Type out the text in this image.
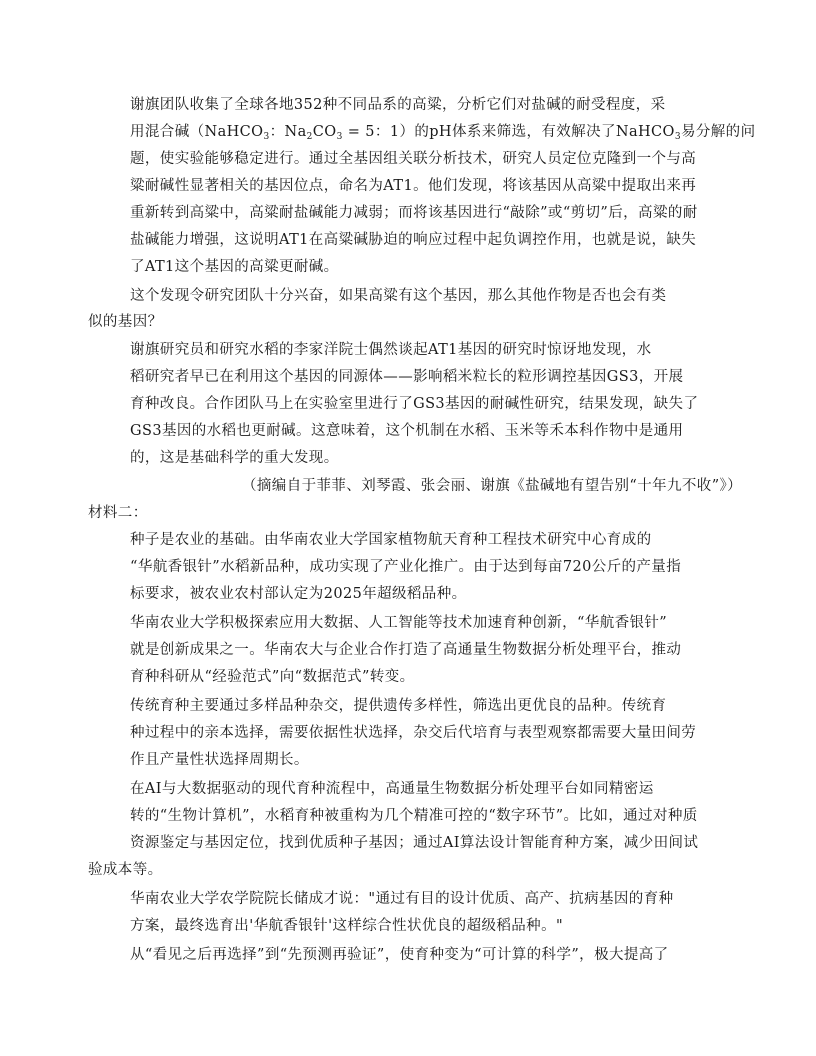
谢旗团队收集了全球各地352种不同品系的高粱，分析它们对盐碱的耐受程度，采
用混合碱（NaHCO$_3$：$Na_2CO_3 = 5$：1）的pH体系来筛选，有效解决了NaHCO$_3$易分解的问
题，使实验能够稳定进行。通过全基因组关联分析技术，研究人员定位克隆到一个与高
粱耐碱性显著相关的基因位点，命名为AT1。他们发现，将该基因从高粱中提取出来再
重新转到高粱中，高粱耐盐碱能力减弱；而将该基因进行“敲除”或“剪切”后，高粱的耐
盐碱能力增强，这说明AT1在高粱碱胁迫的响应过程中起负调控作用，也就是说，缺失
了AT1这个基因的高粱更耐碱。
这个发现令研究团队十分兴奋，如果高粱有这个基因，那么其他作物是否也会有类
似的基因？
谢旗研究员和研究水稻的李家洋院士偶然谈起AT1基因的研究时惊讶地发现，水
稻研究者早已在利用这个基因的同源体——影响稻米粒长的粒形调控基因GS3，开展
育种改良。合作团队马上在实验室里进行了GS3基因的耐碱性研究，结果发现，缺失了
GS3基因的水稻也更耐碱。这意味着，这个机制在水稻、玉米等禾本科作物中是通用
的，这是基础科学的重大发现。
（摘编自于菲菲、刘琴霞、张会丽、谢旗《盐碱地有望告别“十年九不收”》）
材料二：
种子是农业的基础。由华南农业大学国家植物航天育种工程技术研究中心育成的
“华航香银针”水稻新品种，成功实现了产业化推广。由于达到每亩720公斤的产量指
标要求，被农业农村部认定为2025年超级稻品种。
华南农业大学积极探索应用大数据、人工智能等技术加速育种创新，“华航香银针”
就是创新成果之一。华南农大与企业合作打造了高通量生物数据分析处理平台，推动
育种科研从“经验范式”向“数据范式”转变。
传统育种主要通过多样品种杂交，提供遗传多样性，筛选出更优良的品种。传统育
种过程中的亲本选择，需要依据性状选择，杂交后代培育与表型观察都需要大量田间劳
作且产量性状选择周期长。
在AI与大数据驱动的现代育种流程中，高通量生物数据分析处理平台如同精密运
转的“生物计算机”，水稻育种被重构为几个精准可控的“数字环节”。比如，通过对种质
资源鉴定与基因定位，找到优质种子基因；通过AI算法设计智能育种方案，减少田间试
验成本等。
华南农业大学农学院院长储成才说："通过有目的设计优质、高产、抗病基因的育种
方案，最终选育出'华航香银针'这样综合性状优良的超级稻品种。"
从“看见之后再选择”到“先预测再验证”，使育种变为“可计算的科学”，极大提高了
